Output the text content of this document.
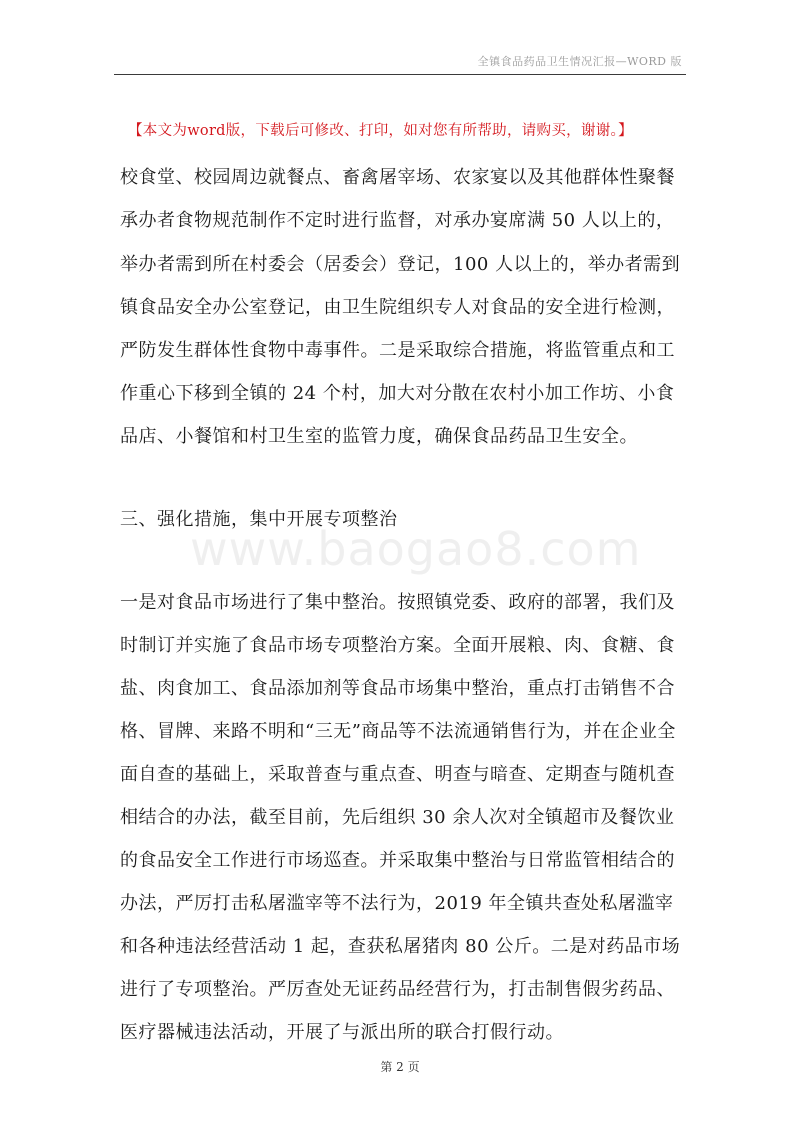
全镇食品药品卫生情况汇报—WORD 版
【本文为word版，下载后可修改、打印，如对您有所帮助，请购买，谢谢。】
www.baogao8.com
校食堂、校园周边就餐点、畜禽屠宰场、农家宴以及其他群体性聚餐
承办者食物规范制作不定时进行监督，对承办宴席满 50 人以上的，
举办者需到所在村委会（居委会）登记，100 人以上的，举办者需到
镇食品安全办公室登记，由卫生院组织专人对食品的安全进行检测，
严防发生群体性食物中毒事件。二是采取综合措施，将监管重点和工
作重心下移到全镇的 24 个村，加大对分散在农村小加工作坊、小食
品店、小餐馆和村卫生室的监管力度，确保食品药品卫生安全。
三、强化措施，集中开展专项整治
一是对食品市场进行了集中整治。按照镇党委、政府的部署，我们及
时制订并实施了食品市场专项整治方案。全面开展粮、肉、食糖、食
盐、肉食加工、食品添加剂等食品市场集中整治，重点打击销售不合
格、冒牌、来路不明和“三无”商品等不法流通销售行为，并在企业全
面自查的基础上，采取普查与重点查、明查与暗查、定期查与随机查
相结合的办法，截至目前，先后组织 30 余人次对全镇超市及餐饮业
的食品安全工作进行市场巡查。并采取集中整治与日常监管相结合的
办法，严厉打击私屠滥宰等不法行为，2019 年全镇共查处私屠滥宰
和各种违法经营活动 1 起，查获私屠猪肉 80 公斤。二是对药品市场
进行了专项整治。严厉查处无证药品经营行为，打击制售假劣药品、
医疗器械违法活动，开展了与派出所的联合打假行动。
第 2 页
